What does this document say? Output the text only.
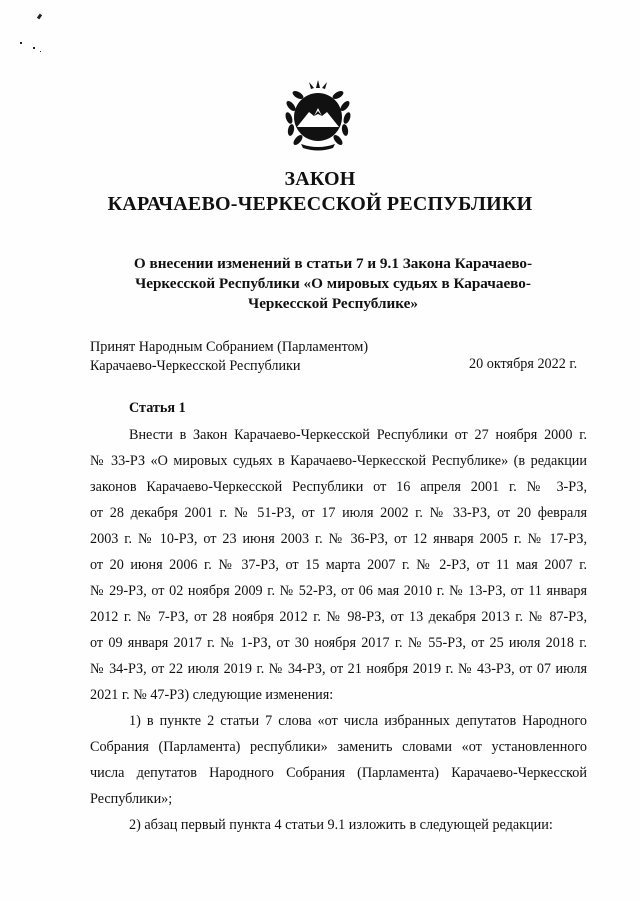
ЗАКОН
КАРАЧАЕВО-ЧЕРКЕССКОЙ РЕСПУБЛИКИ
О внесении изменений в статьи 7 и 9.1 Закона Карачаево-Черкесской Республики «О мировых судьях в Карачаево-Черкесской Республике»
Принят Народным Собранием (Парламентом)
Карачаево-Черкесской Республики	20 октября 2022 г.
Статья 1
Внести в Закон Карачаево-Черкесской Республики от 27 ноября 2000 г.
№ 33-РЗ «О мировых судьях в Карачаево-Черкесской Республике» (в редакции
законов Карачаево-Черкесской Республики от 16 апреля 2001 г. № 3-РЗ,
от 28 декабря 2001 г. № 51-РЗ, от 17 июля 2002 г. № 33-РЗ, от 20 февраля
2003 г. № 10-РЗ, от 23 июня 2003 г. № 36-РЗ, от 12 января 2005 г. № 17-РЗ,
от 20 июня 2006 г. № 37-РЗ, от 15 марта 2007 г. № 2-РЗ, от 11 мая 2007 г.
№ 29-РЗ, от 02 ноября 2009 г. № 52-РЗ, от 06 мая 2010 г. № 13-РЗ, от 11 января
2012 г. № 7-РЗ, от 28 ноября 2012 г. № 98-РЗ, от 13 декабря 2013 г. № 87-РЗ,
от 09 января 2017 г. № 1-РЗ, от 30 ноября 2017 г. № 55-РЗ, от 25 июля 2018 г.
№ 34-РЗ, от 22 июля 2019 г. № 34-РЗ, от 21 ноября 2019 г. № 43-РЗ, от 07 июля
2021 г. № 47-РЗ) следующие изменения:
1) в пункте 2 статьи 7 слова «от числа избранных депутатов Народного
Собрания (Парламента) республики» заменить словами «от установленного
числа депутатов Народного Собрания (Парламента) Карачаево-Черкесской
Республики»;
2) абзац первый пункта 4 статьи 9.1 изложить в следующей редакции:
